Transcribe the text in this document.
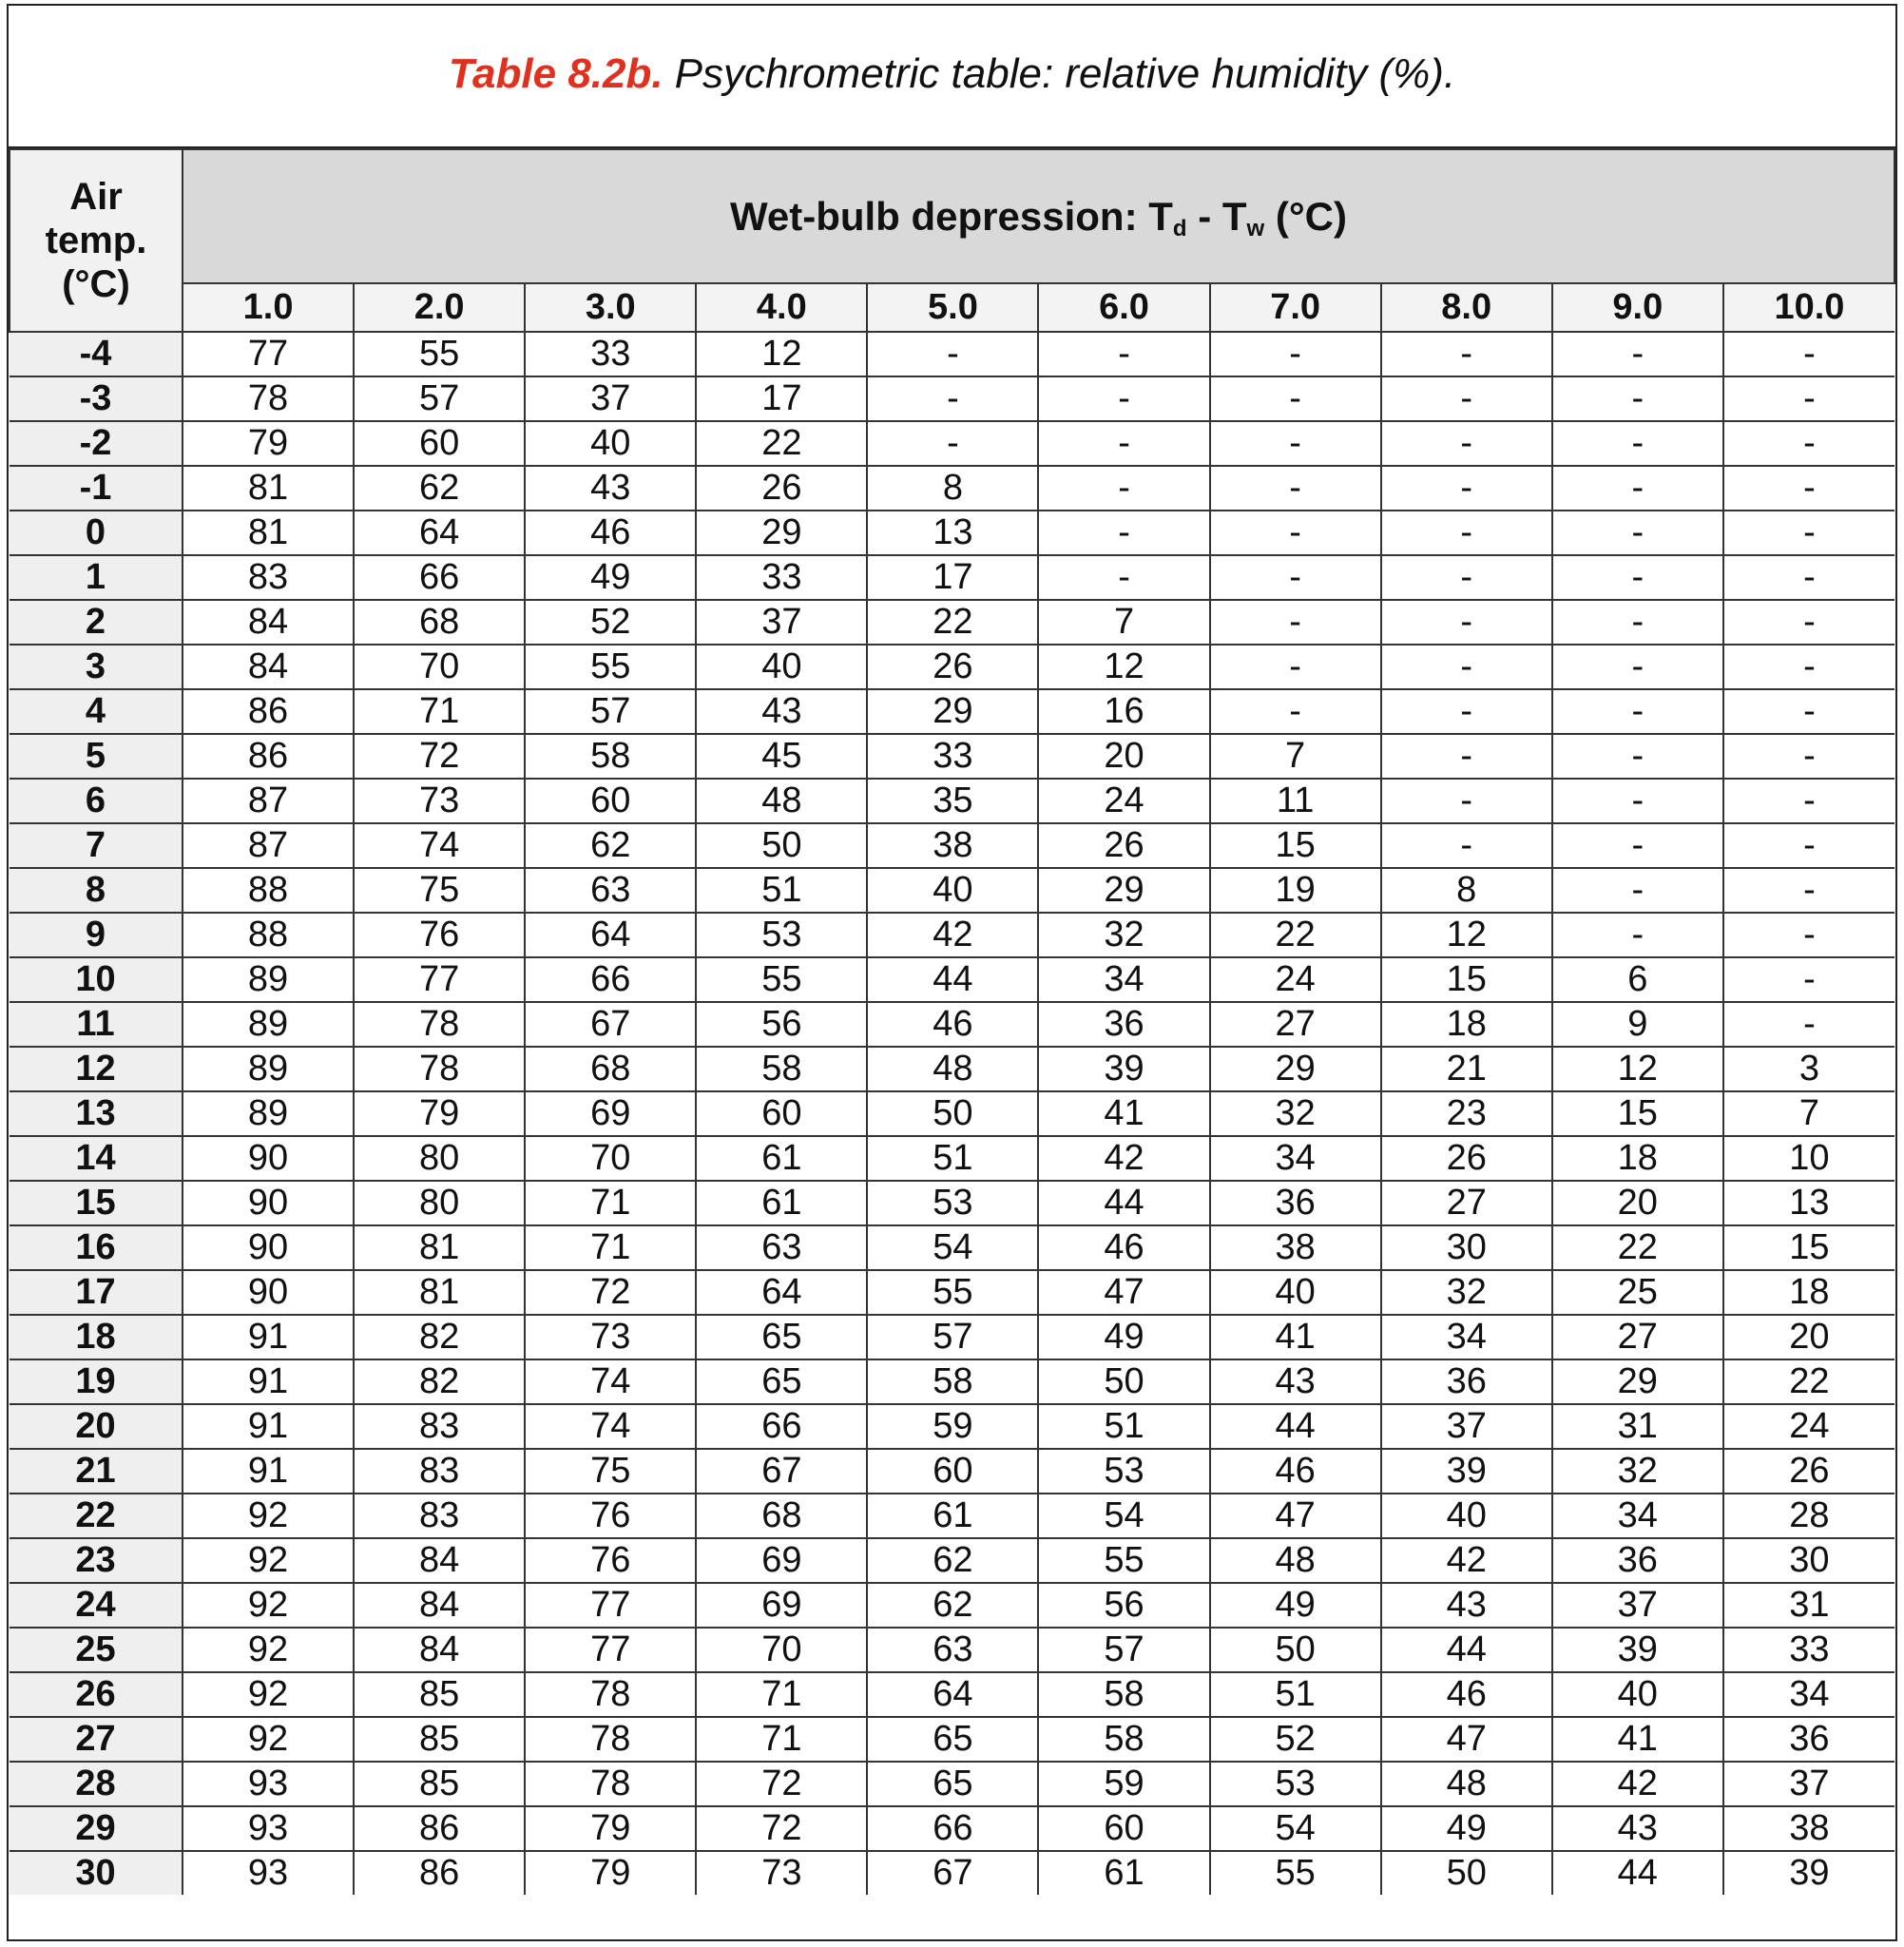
Table 8.2b. Psychrometric table: relative humidity (%).
Air
temp.
(°C)	Wet-bulb depression: $T_d - T_w$ (°C)									
	1.0	2.0	3.0	4.0	5.0	6.0	7.0	8.0	9.0	10.0
-4	77	55	33	12	-	-	-	-	-	-
-3	78	57	37	17	-	-	-	-	-	-
-2	79	60	40	22	-	-	-	-	-	-
-1	81	62	43	26	8	-	-	-	-	-
0	81	64	46	29	13	-	-	-	-	-
1	83	66	49	33	17	-	-	-	-	-
2	84	68	52	37	22	7	-	-	-	-
3	84	70	55	40	26	12	-	-	-	-
4	86	71	57	43	29	16	-	-	-	-
5	86	72	58	45	33	20	7	-	-	-
6	87	73	60	48	35	24	11	-	-	-
7	87	74	62	50	38	26	15	-	-	-
8	88	75	63	51	40	29	19	8	-	-
9	88	76	64	53	42	32	22	12	-	-
10	89	77	66	55	44	34	24	15	6	-
11	89	78	67	56	46	36	27	18	9	-
12	89	78	68	58	48	39	29	21	12	3
13	89	79	69	60	50	41	32	23	15	7
14	90	80	70	61	51	42	34	26	18	10
15	90	80	71	61	53	44	36	27	20	13
16	90	81	71	63	54	46	38	30	22	15
17	90	81	72	64	55	47	40	32	25	18
18	91	82	73	65	57	49	41	34	27	20
19	91	82	74	65	58	50	43	36	29	22
20	91	83	74	66	59	51	44	37	31	24
21	91	83	75	67	60	53	46	39	32	26
22	92	83	76	68	61	54	47	40	34	28
23	92	84	76	69	62	55	48	42	36	30
24	92	84	77	69	62	56	49	43	37	31
25	92	84	77	70	63	57	50	44	39	33
26	92	85	78	71	64	58	51	46	40	34
27	92	85	78	71	65	58	52	47	41	36
28	93	85	78	72	65	59	53	48	42	37
29	93	86	79	72	66	60	54	49	43	38
30	93	86	79	73	67	61	55	50	44	39
